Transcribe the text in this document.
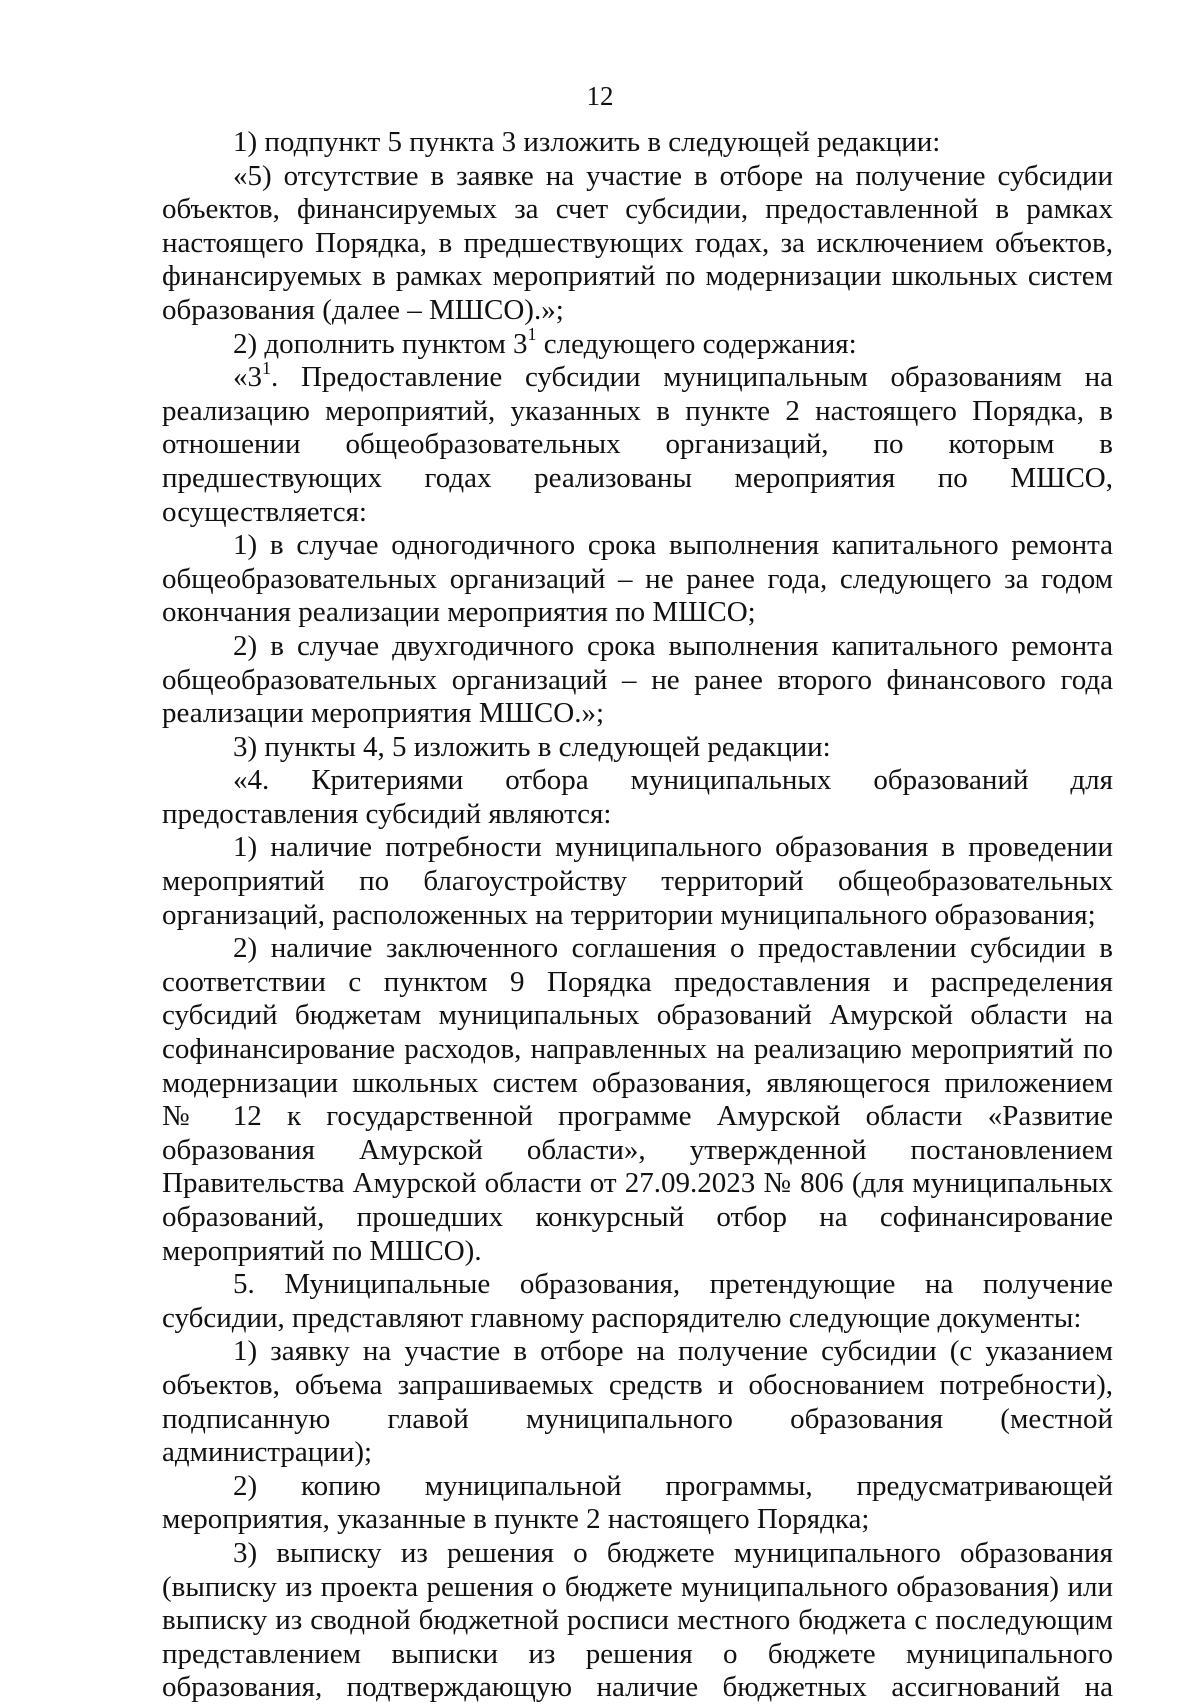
12

1) подпункт 5 пункта 3 изложить в следующей редакции:

«5) отсутствие в заявке на участие в отборе на получение субсидии объектов, финансируемых за счет субсидии, предоставленной в рамках настоящего Порядка, в предшествующих годах, за исключением объектов, финансируемых в рамках мероприятий по модернизации школьных систем образования (далее – МШСО).»;

2) дополнить пунктом $3^1$ следующего содержания:

«$3^1$. Предоставление субсидии муниципальным образованиям на реализацию мероприятий, указанных в пункте 2 настоящего Порядка, в отношении общеобразовательных организаций, по которым в предшествующих годах реализованы мероприятия по МШСО, осуществляется:

1) в случае одногодичного срока выполнения капитального ремонта общеобразовательных организаций – не ранее года, следующего за годом окончания реализации мероприятия по МШСО;

2) в случае двухгодичного срока выполнения капитального ремонта общеобразовательных организаций – не ранее второго финансового года реализации мероприятия МШСО.»;

3) пункты 4, 5 изложить в следующей редакции:

«4. Критериями отбора муниципальных образований для предоставления субсидий являются:

1) наличие потребности муниципального образования в проведении мероприятий по благоустройству территорий общеобразовательных организаций, расположенных на территории муниципального образования;

2) наличие заключенного соглашения о предоставлении субсидии в соответствии с пунктом 9 Порядка предоставления и распределения субсидий бюджетам муниципальных образований Амурской области на софинансирование расходов, направленных на реализацию мероприятий по модернизации школьных систем образования, являющегося приложением № 12 к государственной программе Амурской области «Развитие образования Амурской области», утвержденной постановлением Правительства Амурской области от 27.09.2023 № 806 (для муниципальных образований, прошедших конкурсный отбор на софинансирование мероприятий по МШСО).

5. Муниципальные образования, претендующие на получение субсидии, представляют главному распорядителю следующие документы:

1) заявку на участие в отборе на получение субсидии (с указанием объектов, объема запрашиваемых средств и обоснованием потребности), подписанную главой муниципального образования (местной администрации);

2) копию муниципальной программы, предусматривающей мероприятия, указанные в пункте 2 настоящего Порядка;

3) выписку из решения о бюджете муниципального образования (выписку из проекта решения о бюджете муниципального образования) или выписку из сводной бюджетной росписи местного бюджета с последующим представлением выписки из решения о бюджете муниципального образования, подтверждающую наличие бюджетных ассигнований на
